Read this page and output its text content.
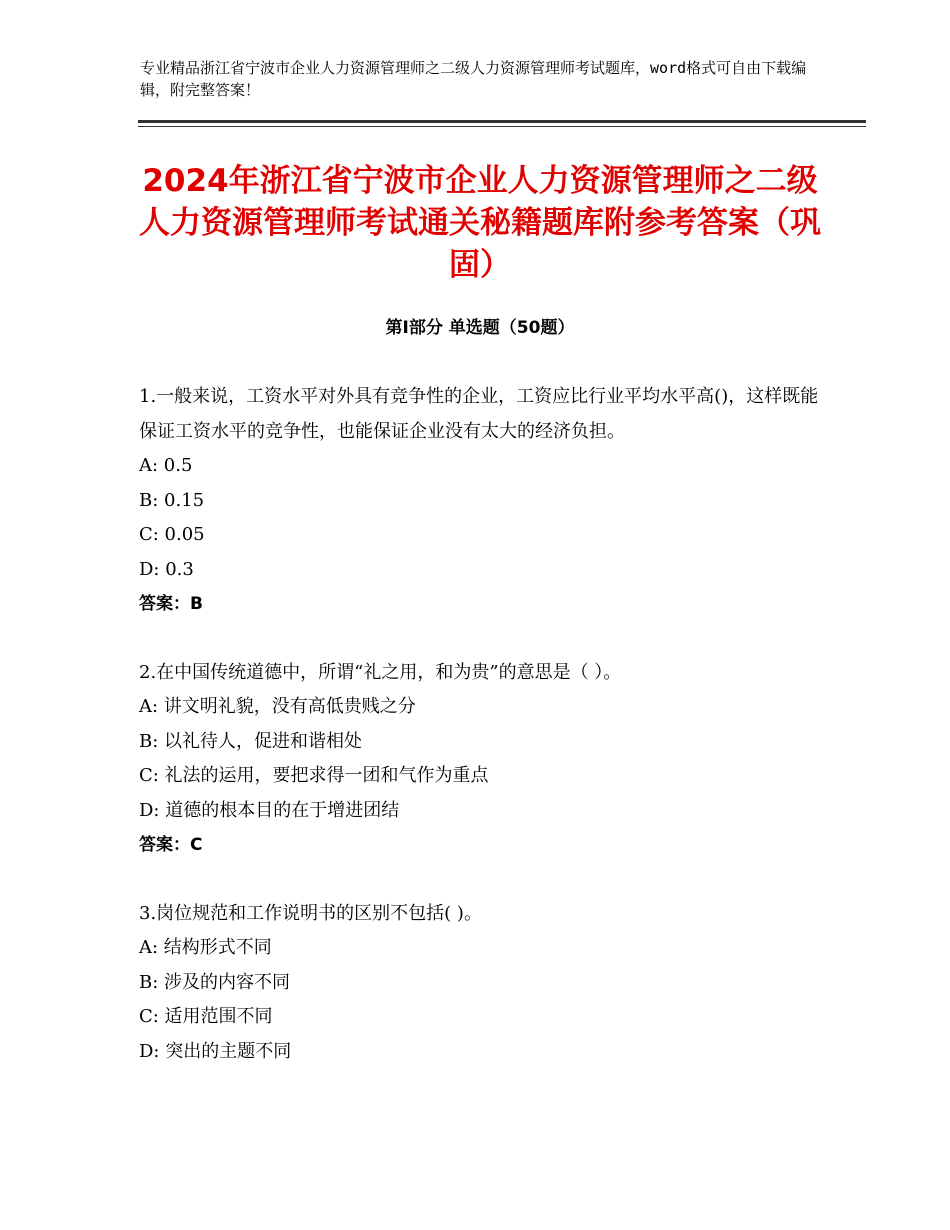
专业精品浙江省宁波市企业人力资源管理师之二级人力资源管理师考试题库，word格式可自由下载编辑，附完整答案！
2024年浙江省宁波市企业人力资源管理师之二级人力资源管理师考试通关秘籍题库附参考答案（巩固）
第Ⅰ部分 单选题（50题）

1.一般来说，工资水平对外具有竞争性的企业，工资应比行业平均水平高()，这样既能保证工资水平的竞争性，也能保证企业没有太大的经济负担。

A: 0.5

B: 0.15

C: 0.05

D: 0.3

答案：B

2.在中国传统道德中，所谓“礼之用，和为贵”的意思是（ ）。

A: 讲文明礼貌，没有高低贵贱之分

B: 以礼待人，促进和谐相处

C: 礼法的运用，要把求得一团和气作为重点

D: 道德的根本目的在于增进团结

答案：C

3.岗位规范和工作说明书的区别不包括( )。

A: 结构形式不同

B: 涉及的内容不同

C: 适用范围不同

D: 突出的主题不同
